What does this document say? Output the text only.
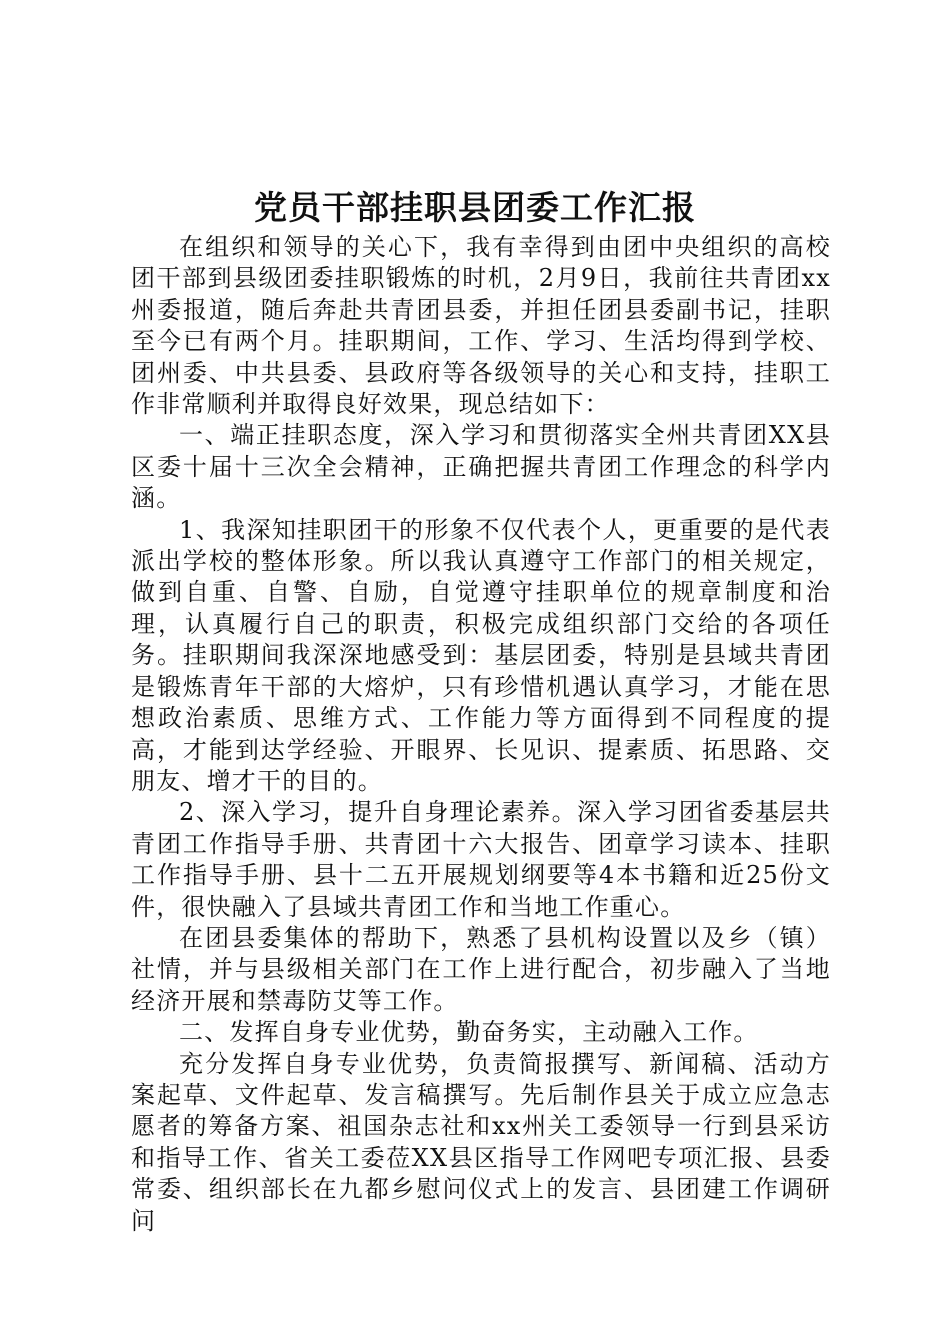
党员干部挂职县团委工作汇报

在组织和领导的关心下，我有幸得到由团中央组织的高校团干部到县级团委挂职锻炼的时机，2月9日，我前往共青团xx州委报道，随后奔赴共青团县委，并担任团县委副书记，挂职至今已有两个月。挂职期间，工作、学习、生活均得到学校、团州委、中共县委、县政府等各级领导的关心和支持，挂职工作非常顺利并取得良好效果，现总结如下：

一、端正挂职态度，深入学习和贯彻落实全州共青团XX县区委十届十三次全会精神，正确把握共青团工作理念的科学内涵。

1、我深知挂职团干的形象不仅代表个人，更重要的是代表派出学校的整体形象。所以我认真遵守工作部门的相关规定，做到自重、自警、自励，自觉遵守挂职单位的规章制度和治理，认真履行自己的职责，积极完成组织部门交给的各项任务。挂职期间我深深地感受到：基层团委，特别是县域共青团是锻炼青年干部的大熔炉，只有珍惜机遇认真学习，才能在思想政治素质、思维方式、工作能力等方面得到不同程度的提高，才能到达学经验、开眼界、长见识、提素质、拓思路、交朋友、增才干的目的。

2、深入学习，提升自身理论素养。深入学习团省委基层共青团工作指导手册、共青团十六大报告、团章学习读本、挂职工作指导手册、县十二五开展规划纲要等4本书籍和近25份文件，很快融入了县域共青团工作和当地工作重心。

在团县委集体的帮助下，熟悉了县机构设置以及乡（镇）社情，并与县级相关部门在工作上进行配合，初步融入了当地经济开展和禁毒防艾等工作。

二、发挥自身专业优势，勤奋务实，主动融入工作。

充分发挥自身专业优势，负责简报撰写、新闻稿、活动方案起草、文件起草、发言稿撰写。先后制作县关于成立应急志愿者的筹备方案、祖国杂志社和xx州关工委领导一行到县采访和指导工作、省关工委莅XX县区指导工作网吧专项汇报、县委常委、组织部长在九都乡慰问仪式上的发言、县团建工作调研问
